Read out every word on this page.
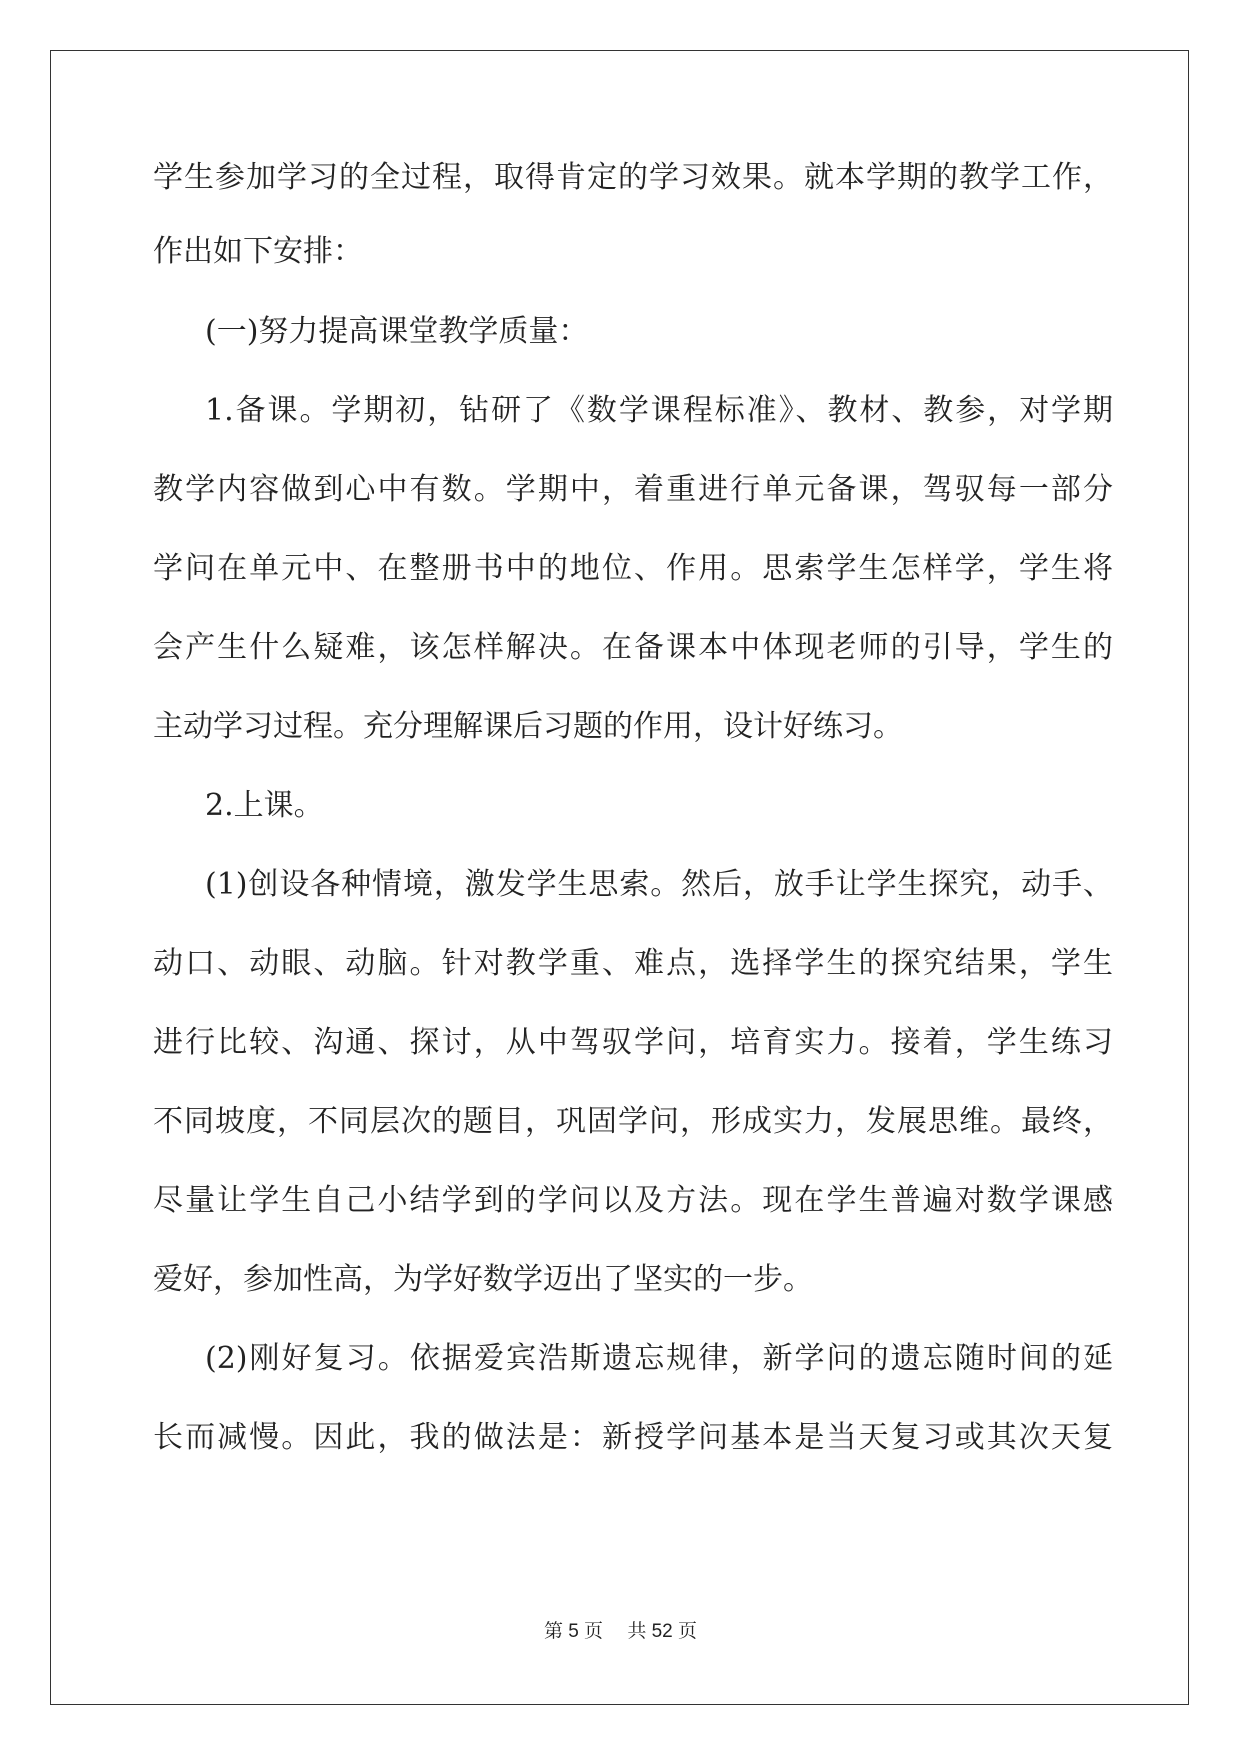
学生参加学习的全过程，取得肯定的学习效果。就本学期的教学工作，
作出如下安排：
(一)努力提高课堂教学质量：
1.备课。学期初，钻研了《数学课程标准》、教材、教参，对学期
教学内容做到心中有数。学期中，着重进行单元备课，驾驭每一部分
学问在单元中、在整册书中的地位、作用。思索学生怎样学，学生将
会产生什么疑难，该怎样解决。在备课本中体现老师的引导，学生的
主动学习过程。充分理解课后习题的作用，设计好练习。
2.上课。
(1)创设各种情境，激发学生思索。然后，放手让学生探究，动手、
动口、动眼、动脑。针对教学重、难点，选择学生的探究结果，学生
进行比较、沟通、探讨，从中驾驭学问，培育实力。接着，学生练习
不同坡度，不同层次的题目，巩固学问，形成实力，发展思维。最终，
尽量让学生自己小结学到的学问以及方法。现在学生普遍对数学课感
爱好，参加性高，为学好数学迈出了坚实的一步。
(2)刚好复习。依据爱宾浩斯遗忘规律，新学问的遗忘随时间的延
长而减慢。因此，我的做法是：新授学问基本是当天复习或其次天复
第 5 页　 共 52 页
